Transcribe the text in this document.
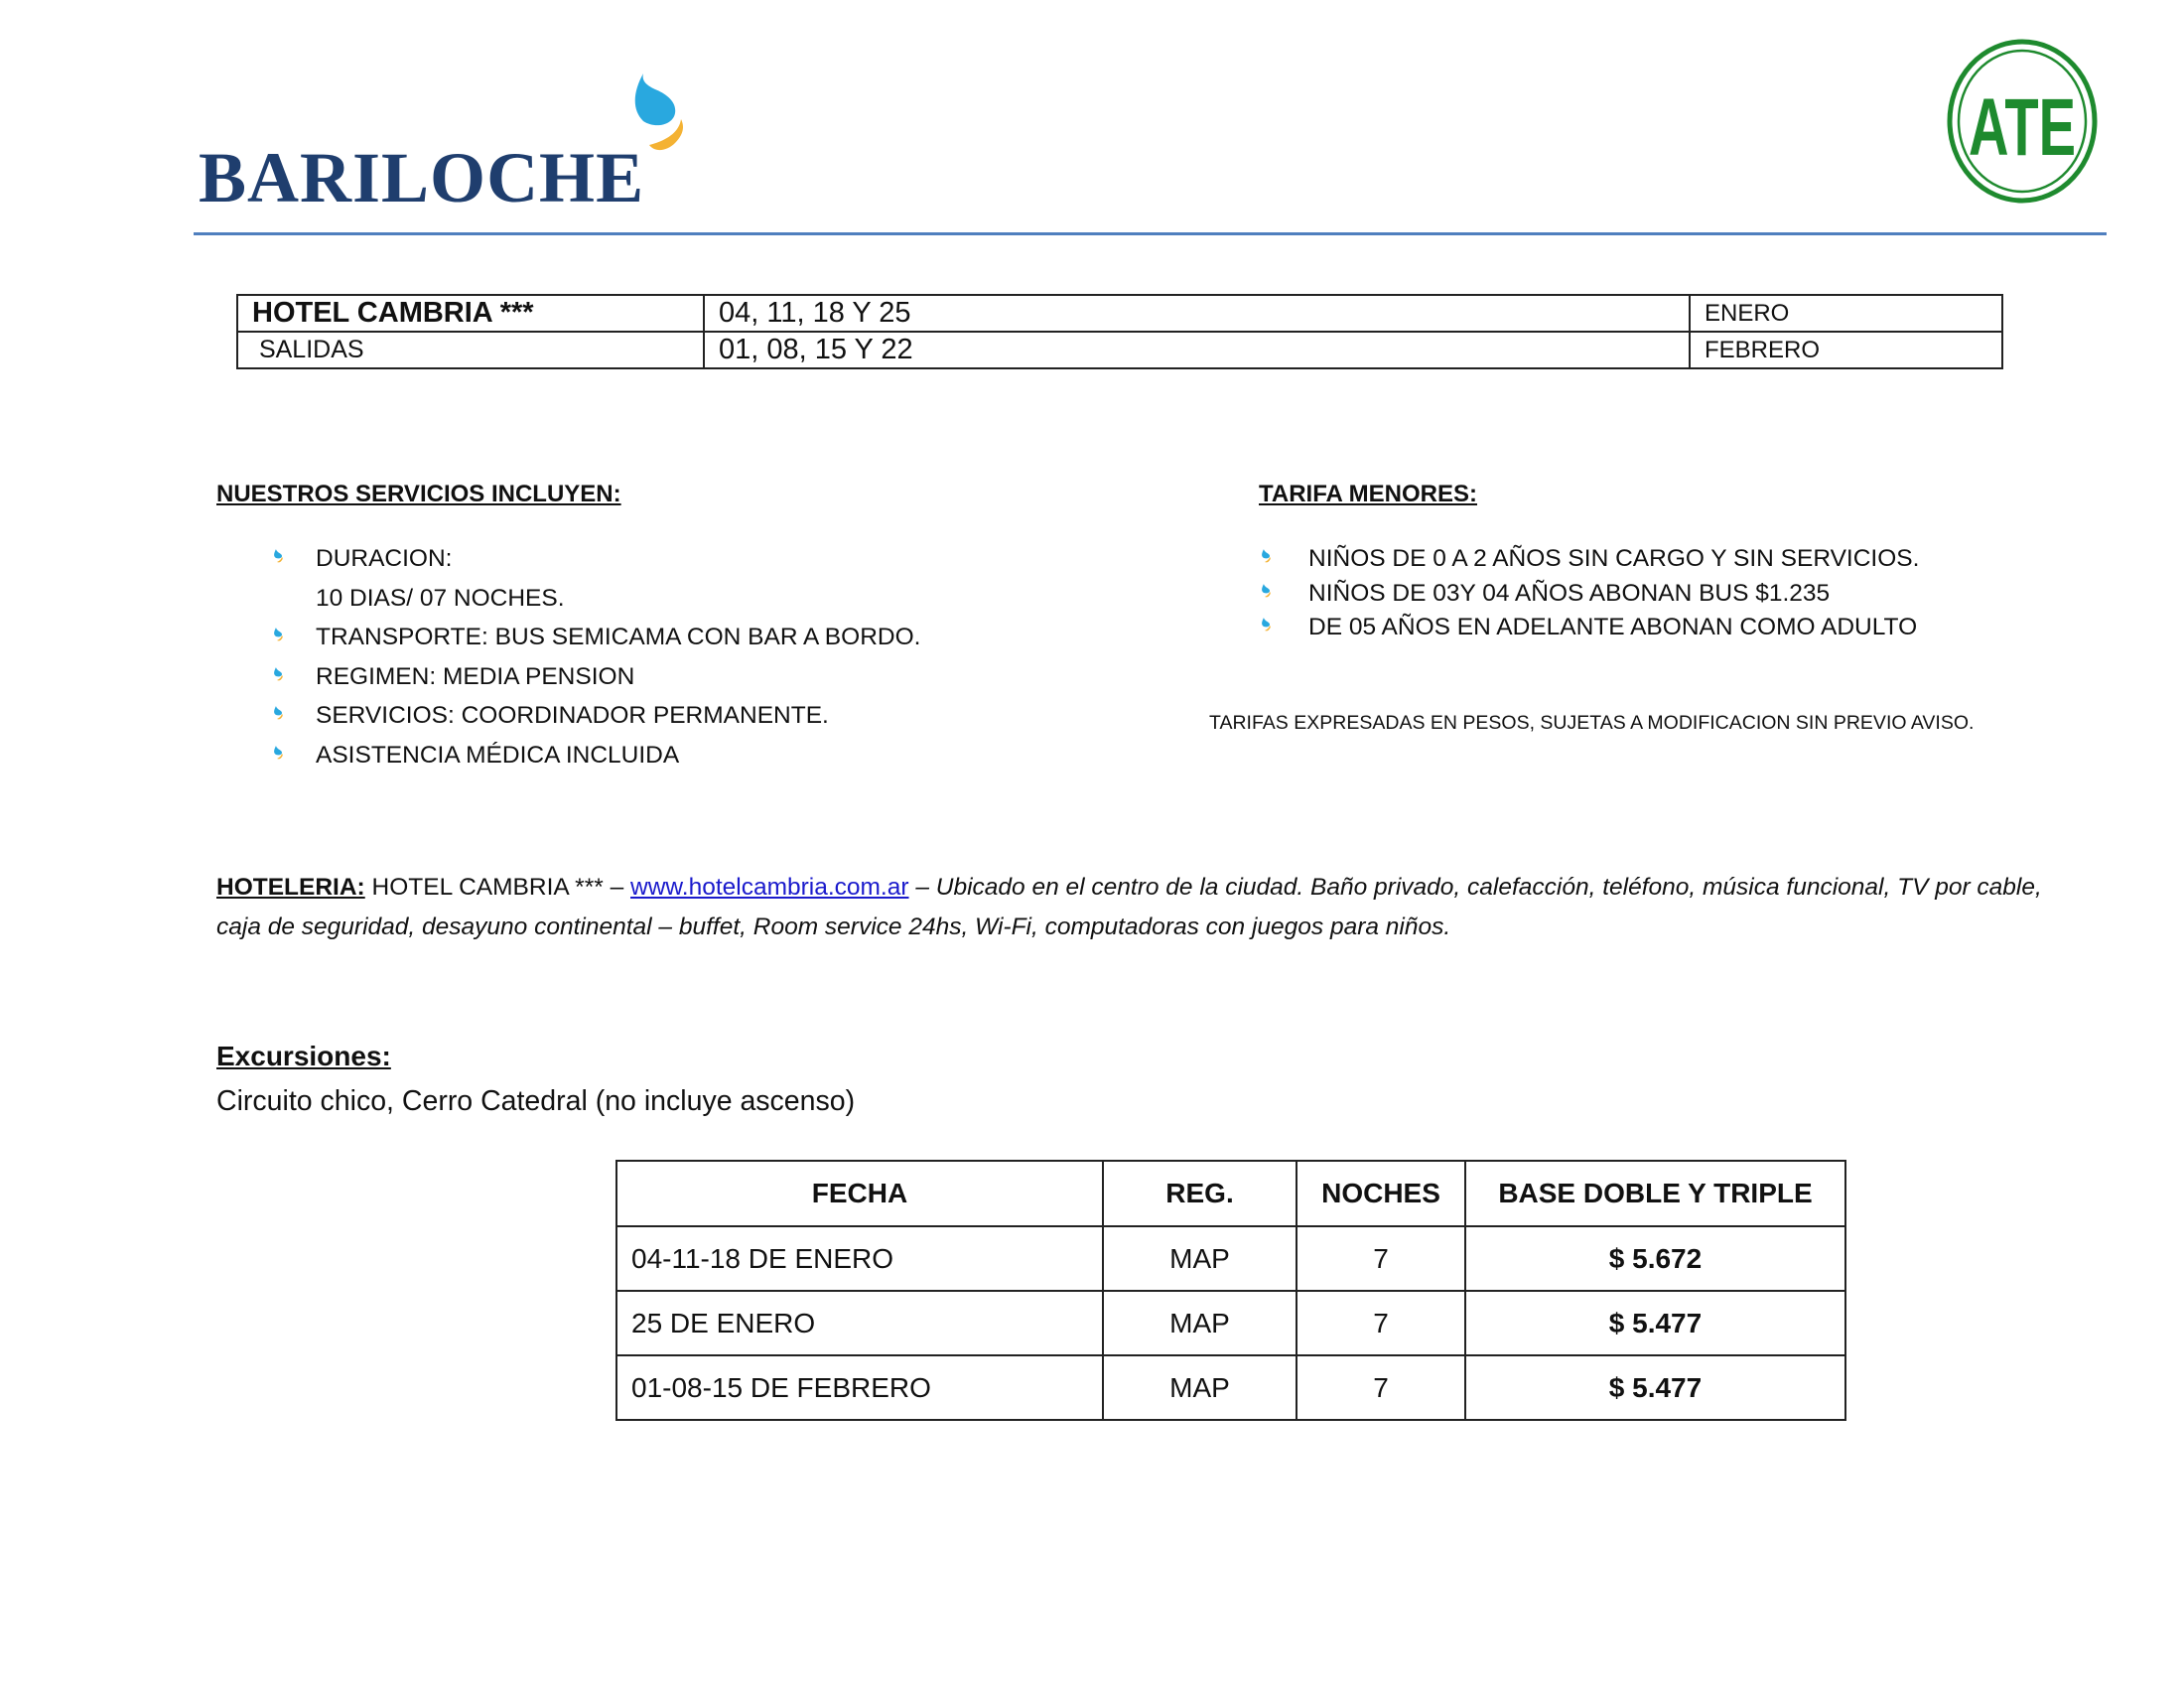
BARILOCHE
ATE
HOTEL CAMBRIA ***	04, 11, 18 Y 25	ENERO
SALIDAS	01, 08, 15 Y 22	FEBRERO
NUESTROS SERVICIOS INCLUYEN:
DURACION:
10 DIAS/ 07 NOCHES.
TRANSPORTE: BUS SEMICAMA CON BAR A BORDO.
REGIMEN: MEDIA PENSION
SERVICIOS: COORDINADOR PERMANENTE.
ASISTENCIA MÉDICA INCLUIDA
TARIFA MENORES:
NIÑOS DE 0 A 2 AÑOS SIN CARGO Y SIN SERVICIOS.
NIÑOS DE 03Y 04 AÑOS ABONAN BUS $1.235
DE 05 AÑOS EN ADELANTE ABONAN COMO ADULTO
TARIFAS EXPRESADAS EN PESOS, SUJETAS A MODIFICACION SIN PREVIO AVISO.
HOTELERIA: HOTEL CAMBRIA *** – www.hotelcambria.com.ar – Ubicado en el centro de la ciudad. Baño privado, calefacción, teléfono, música funcional, TV por cable, caja de seguridad, desayuno continental – buffet, Room service 24hs, Wi-Fi, computadoras con juegos para niños.
Excursiones:
Circuito chico, Cerro Catedral (no incluye ascenso)
FECHA	REG.	NOCHES	BASE DOBLE Y TRIPLE
04-11-18 DE ENERO	MAP	7	$ 5.672
25 DE ENERO	MAP	7	$ 5.477
01-08-15 DE FEBRERO	MAP	7	$ 5.477
